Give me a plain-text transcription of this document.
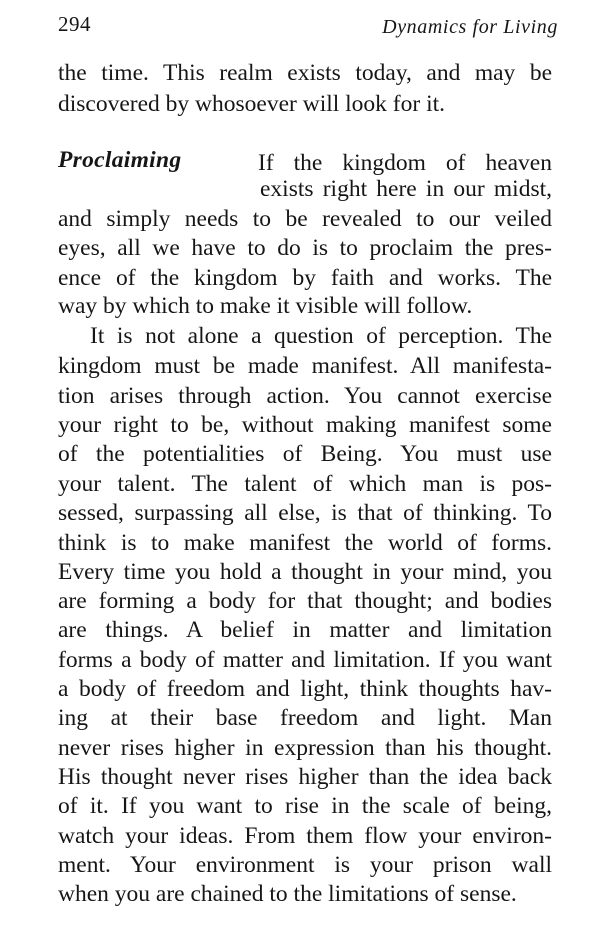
294	Dynamics for Living
the time. This realm exists today, and may be
discovered by whosoever will look for it.
Proclaiming	If the kingdom of heaven
exists right here in our midst,
and simply needs to be revealed to our veiled
eyes, all we have to do is to proclaim the pres-
ence of the kingdom by faith and works. The
way by which to make it visible will follow.
It is not alone a question of perception. The
kingdom must be made manifest. All manifesta-
tion arises through action. You cannot exercise
your right to be, without making manifest some
of the potentialities of Being. You must use
your talent. The talent of which man is pos-
sessed, surpassing all else, is that of thinking. To
think is to make manifest the world of forms.
Every time you hold a thought in your mind, you
are forming a body for that thought; and bodies
are things. A belief in matter and limitation
forms a body of matter and limitation. If you want
a body of freedom and light, think thoughts hav-
ing at their base freedom and light. Man
never rises higher in expression than his thought.
His thought never rises higher than the idea back
of it. If you want to rise in the scale of being,
watch your ideas. From them flow your environ-
ment. Your environment is your prison wall
when you are chained to the limitations of sense.
